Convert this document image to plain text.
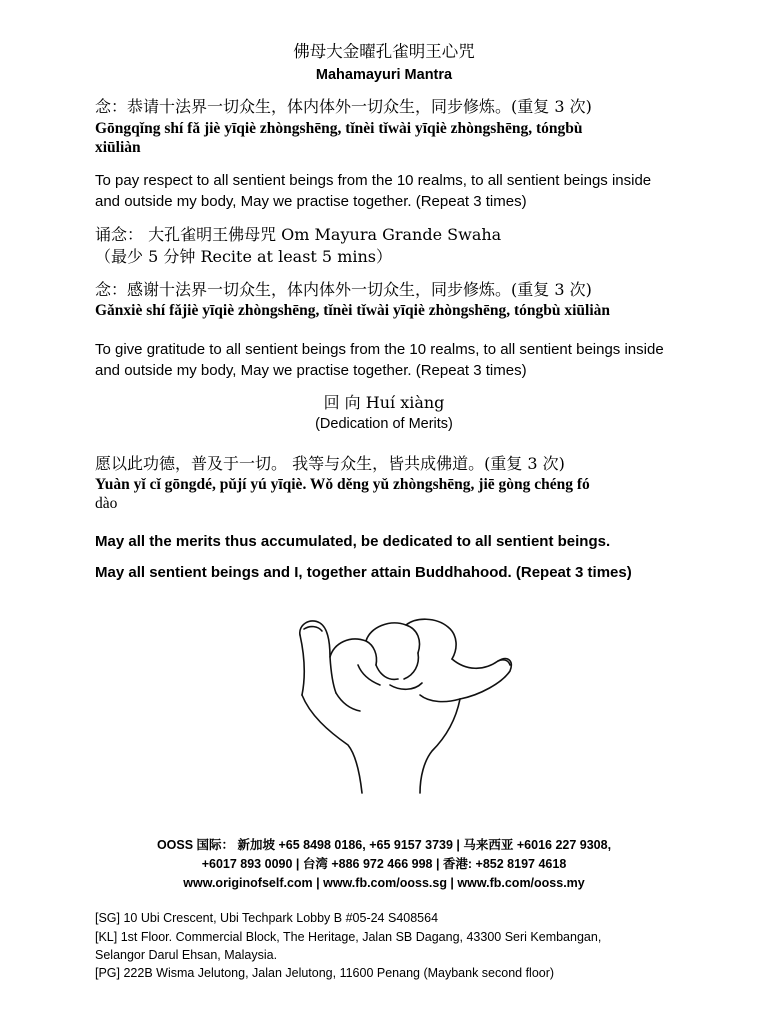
佛母大金曜孔雀明王心咒
Mahamayuri Mantra
念：恭请十法界一切众生，体内体外一切众生，同步修炼。(重复 3 次)
Gōngqǐng shí fǎ jiè yīqiè zhòngshēng, tǐnèi tǐwài yīqiè zhòngshēng, tóngbù
xiūliàn
To pay respect to all sentient beings from the 10 realms, to all sentient beings inside and outside my body, May we practise together. (Repeat 3 times)
诵念： 大孔雀明王佛母咒 Om Mayura Grande Swaha
（最少 5 分钟 Recite at least 5 mins）
念：感谢十法界一切众生，体内体外一切众生，同步修炼。(重复 3 次)
Gǎnxiè shí fǎjiè yīqiè zhòngshēng, tǐnèi tǐwài yīqiè zhòngshēng, tóngbù xiūliàn
To give gratitude to all sentient beings from the 10 realms, to all sentient beings inside and outside my body, May we practise together. (Repeat 3 times)
回 向 Huí xiàng
(Dedication of Merits)
愿以此功德，普及于一切。 我等与众生，皆共成佛道。(重复 3 次)
Yuàn yǐ cǐ gōngdé, pǔjí yú yīqiè. Wǒ děng yǔ zhòngshēng, jiē gòng chéng fó
dào
May all the merits thus accumulated, be dedicated to all sentient beings.
May all sentient beings and I, together attain Buddhahood. (Repeat 3 times)
OOSS 国际： 新加坡 +65 8498 0186, +65 9157 3739 | 马来西亚 +6016 227 9308,
+6017 893 0090 | 台湾 +886 972 466 998 | 香港: +852 8197 4618
www.originofself.com | www.fb.com/ooss.sg | www.fb.com/ooss.my
[SG] 10 Ubi Crescent, Ubi Techpark Lobby B #05-24 S408564
[KL] 1st Floor. Commercial Block, The Heritage, Jalan SB Dagang, 43300 Seri Kembangan,
Selangor Darul Ehsan, Malaysia.
[PG] 222B Wisma Jelutong, Jalan Jelutong, 11600 Penang (Maybank second floor)
